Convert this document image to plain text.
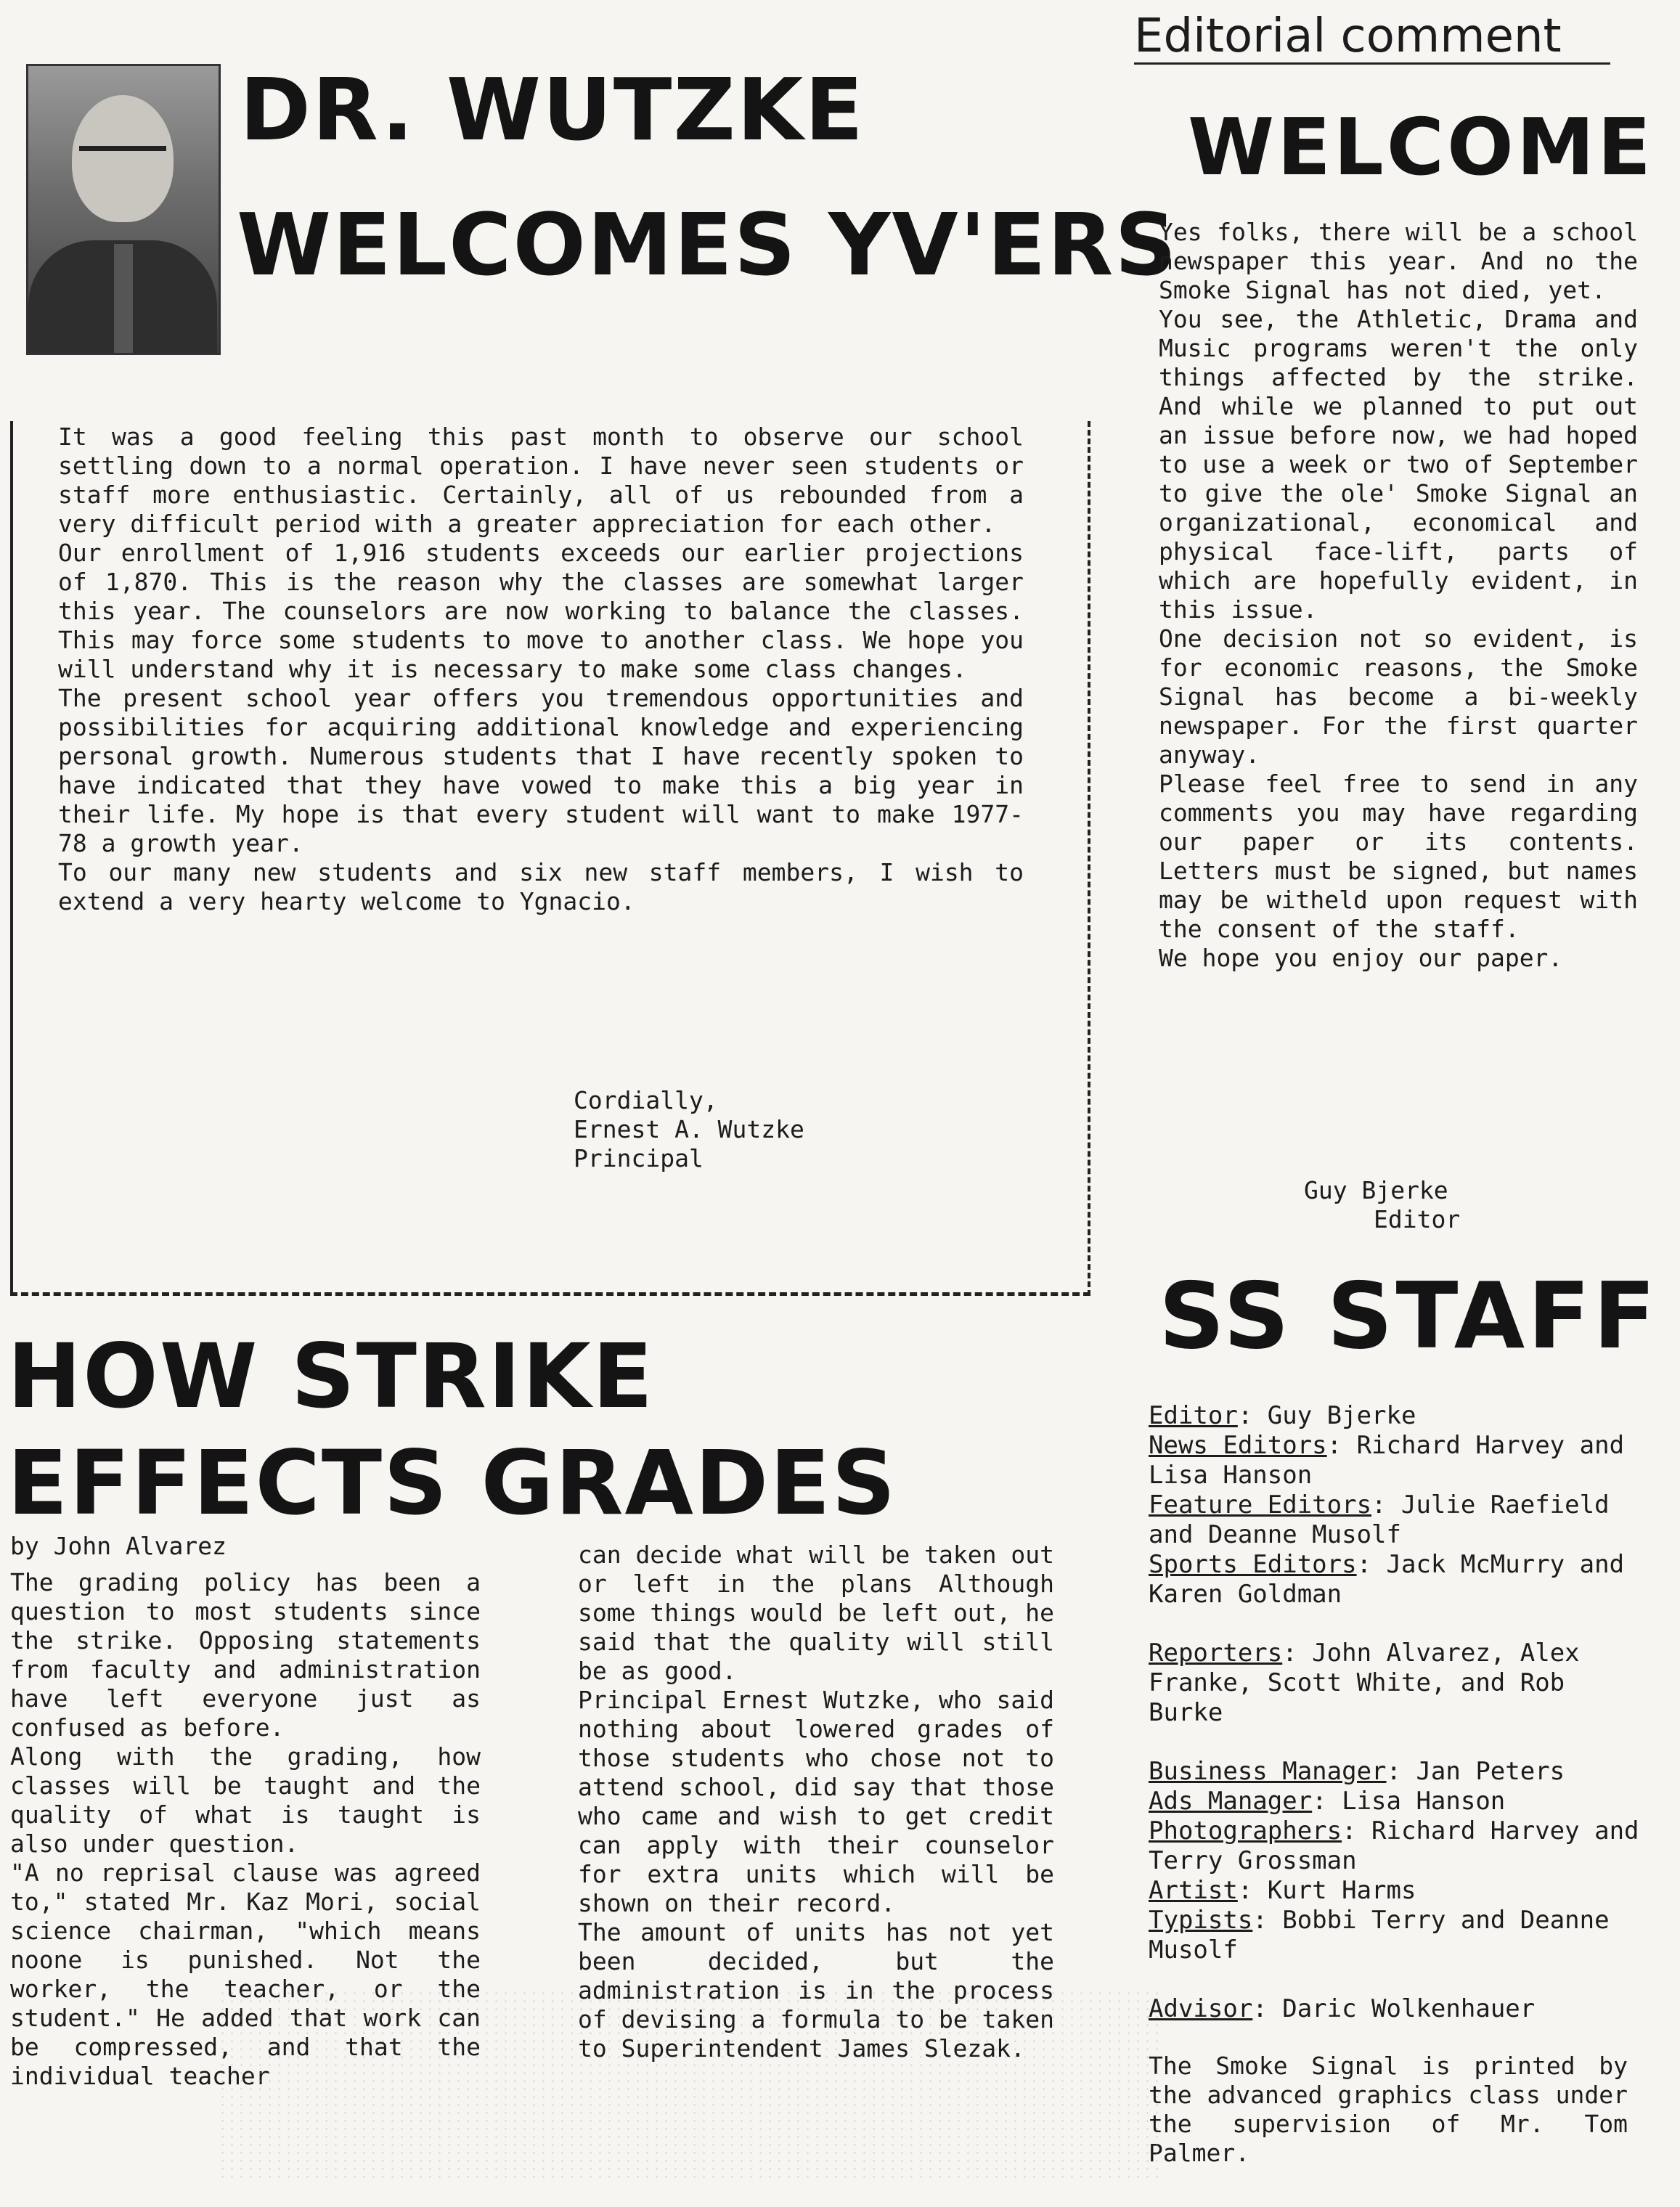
DR. WUTZKE
WELCOMES YV'ERS
It was a good feeling this past month to observe our school settling down to a normal operation. I have never seen students or staff more enthusiastic. Certainly, all of us rebounded from a very difficult period with a greater appreciation for each other.
Our enrollment of 1,916 students exceeds our earlier projections of 1,870. This is the reason why the classes are somewhat larger this year. The counselors are now working to balance the classes. This may force some students to move to another class. We hope you will understand why it is necessary to make some class changes.
The present school year offers you tremendous opportunities and possibilities for acquiring additional knowledge and experiencing personal growth. Numerous students that I have recently spoken to have indicated that they have vowed to make this a big year in their life. My hope is that every student will want to make 1977-78 a growth year.
To our many new students and six new staff members, I wish to extend a very hearty welcome to Ygnacio.
Cordially,
Ernest A. Wutzke
Principal
Editorial comment
WELCOME
Yes folks, there will be a school newspaper this year. And no the Smoke Signal has not died, yet.
You see, the Athletic, Drama and Music programs weren't the only things affected by the strike. And while we planned to put out an issue before now, we had hoped to use a week or two of September to give the ole' Smoke Signal an organizational, economical and physical face-lift, parts of which are hopefully evident, in this issue.
One decision not so evident, is for economic reasons, the Smoke Signal has become a bi-weekly newspaper. For the first quarter anyway.
Please feel free to send in any comments you may have regarding our paper or its contents. Letters must be signed, but names may be witheld upon request with the consent of the staff.
We hope you enjoy our paper.
Guy Bjerke
Editor
SS STAFF
Editor: Guy Bjerke
News Editors: Richard Harvey and Lisa Hanson
Feature Editors: Julie Raefield and Deanne Musolf
Sports Editors: Jack McMurry and Karen Goldman
Reporters: John Alvarez, Alex Franke, Scott White, and Rob Burke
Business Manager: Jan Peters
Ads Manager: Lisa Hanson
Photographers: Richard Harvey and Terry Grossman
Artist: Kurt Harms
Typists: Bobbi Terry and Deanne Musolf
Advisor: Daric Wolkenhauer
The Smoke Signal is printed by the advanced graphics class under the supervision of Mr. Tom Palmer.
HOW STRIKE
EFFECTS GRADES
by John Alvarez
The grading policy has been a question to most students since the strike. Opposing statements from faculty and administration have left everyone just as confused as before.
Along with the grading, how classes will be taught and the quality of what is taught is also under question.
"A no reprisal clause was agreed to," stated Mr. Kaz Mori, social science chairman, "which means noone is punished. Not the worker, the teacher, or the student." He added that work can be compressed, and that the individual teacher
can decide what will be taken out or left in the plans Although some things would be left out, he said that the quality will still be as good.
Principal Ernest Wutzke, who said nothing about lowered grades of those students who chose not to attend school, did say that those who came and wish to get credit can apply with their counselor for extra units which will be shown on their record.
The amount of units has not yet been decided, but the administration is in the process of devising a formula to be taken to Superintendent James Slezak.
